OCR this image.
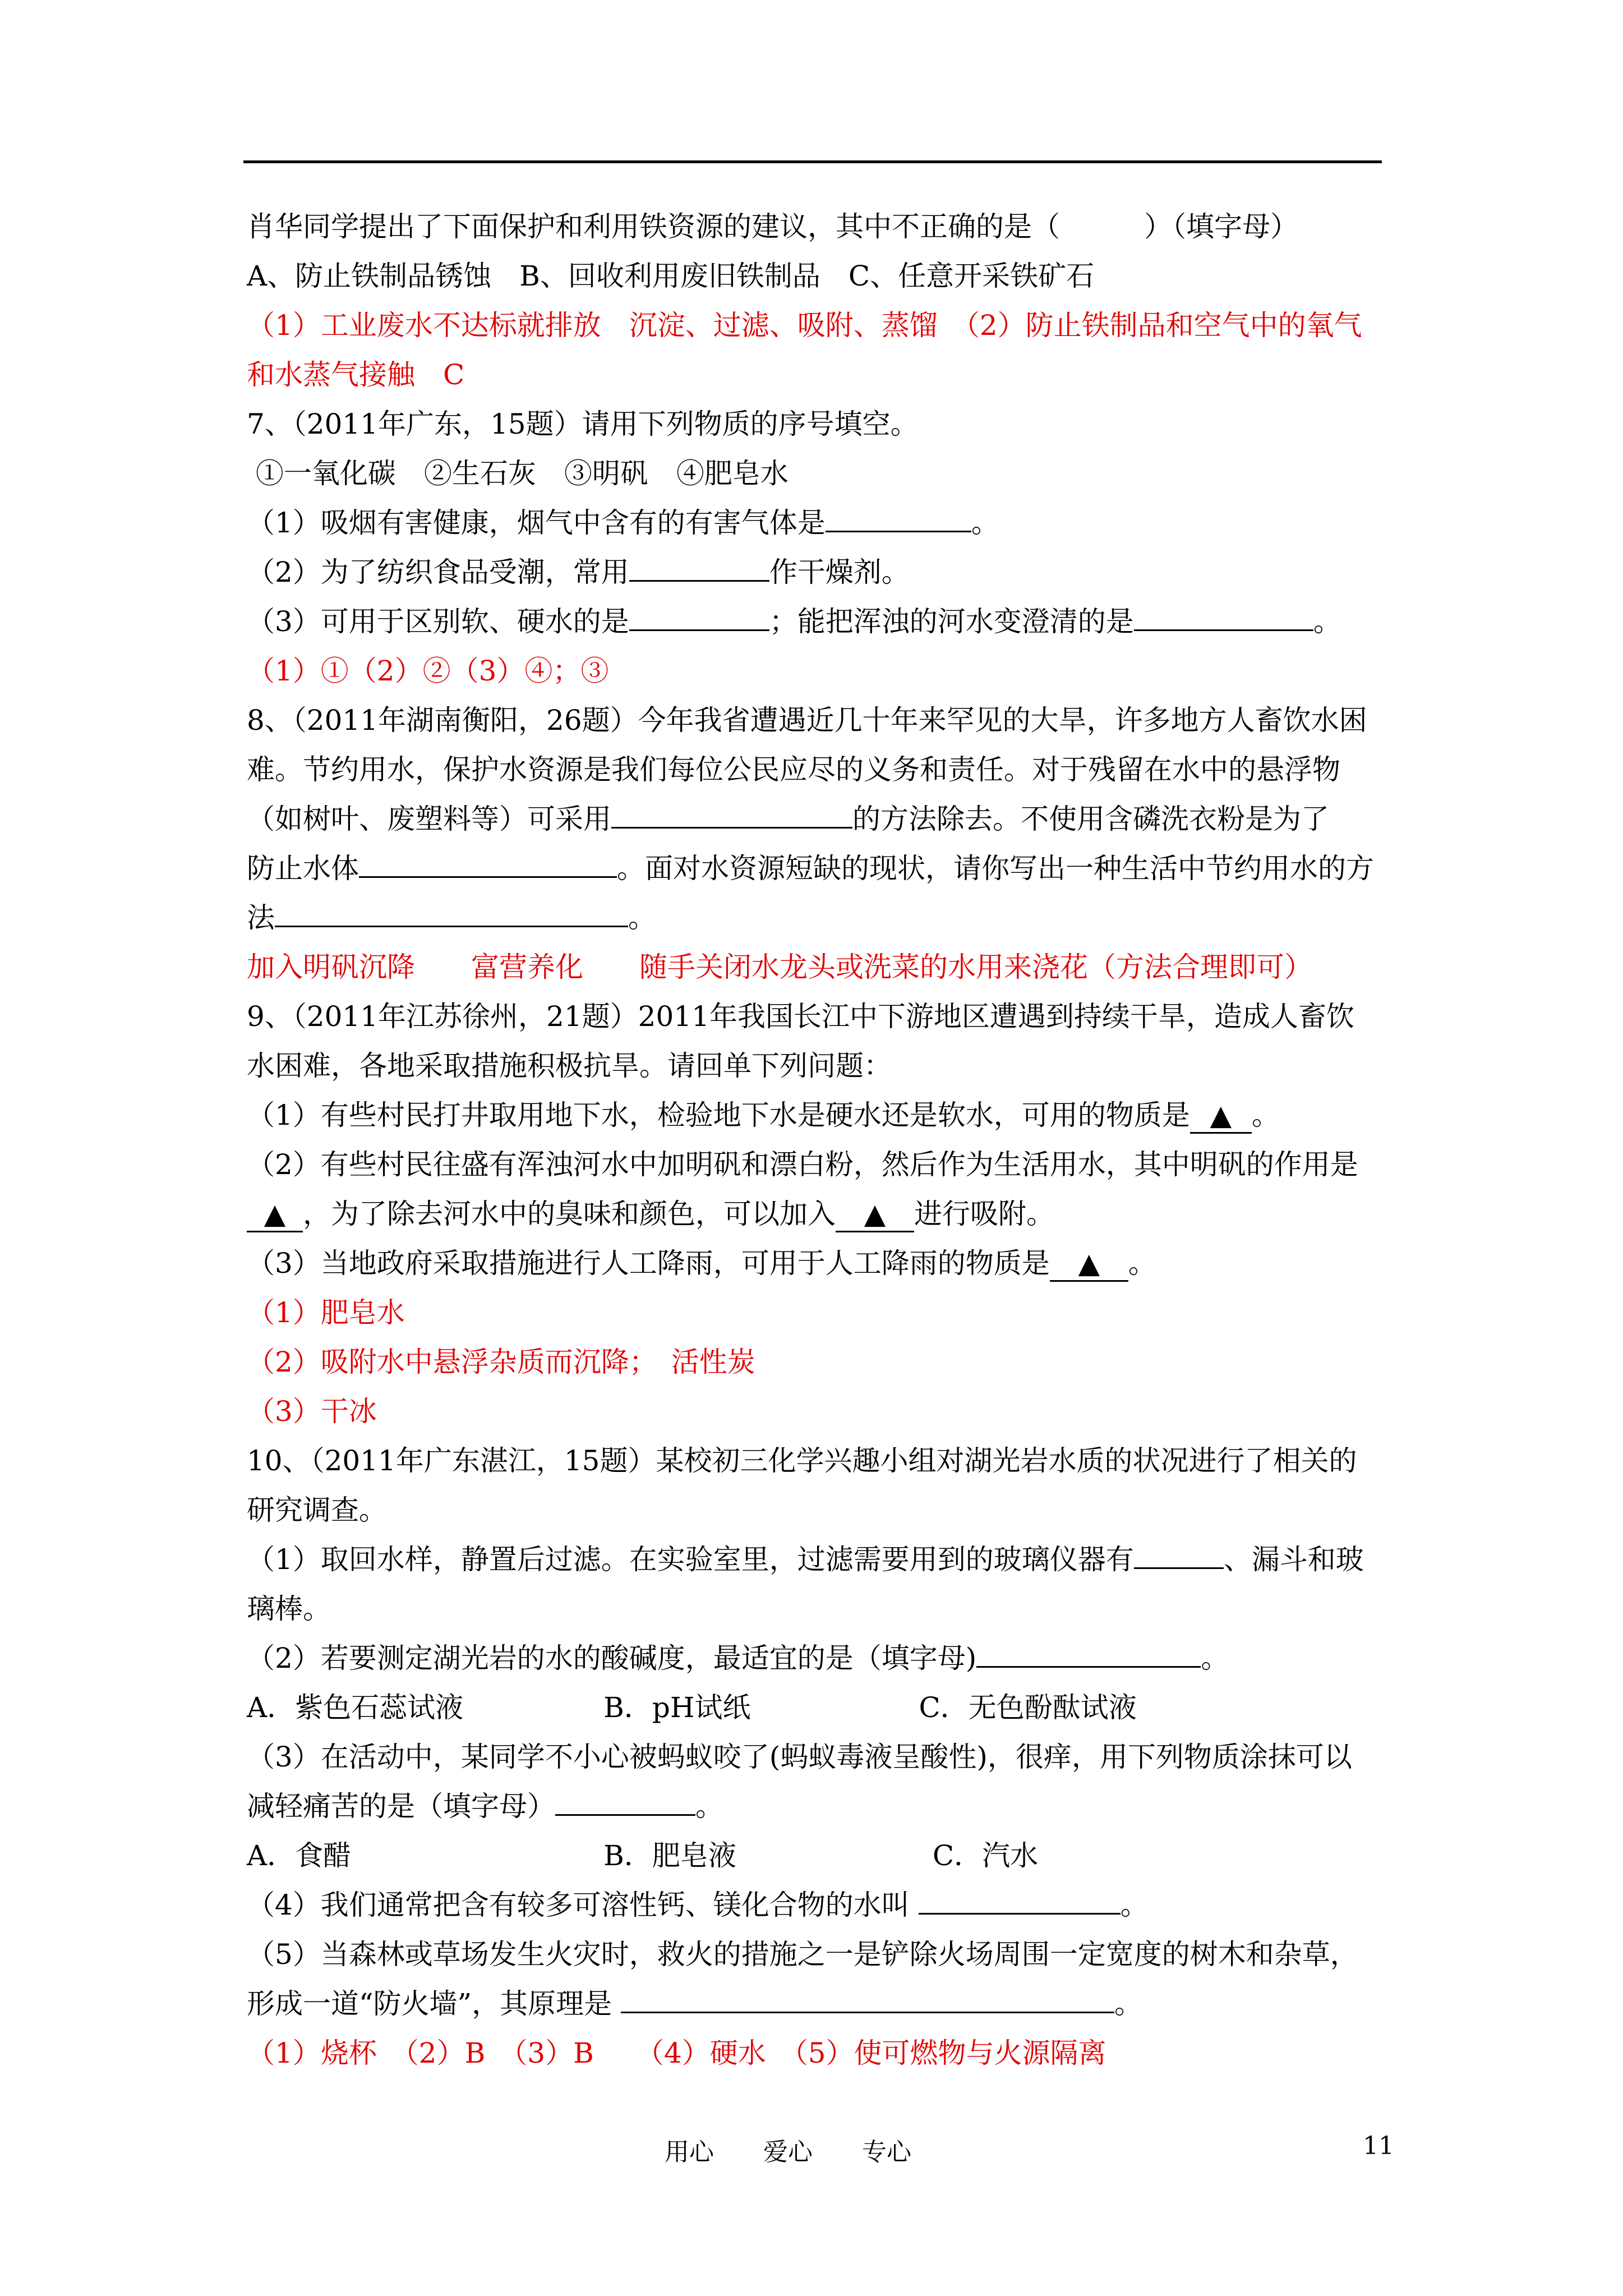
肖华同学提出了下面保护和利用铁资源的建议，其中不正确的是（　　　）（填字母）
A、防止铁制品锈蚀　B、回收利用废旧铁制品　C、任意开采铁矿石
（1）工业废水不达标就排放　沉淀、过滤、吸附、蒸馏　（2）防止铁制品和空气中的氧气
和水蒸气接触　C
7、（2011年广东，15题）请用下列物质的序号填空。
①一氧化碳　②生石灰　③明矾　④肥皂水
（1）吸烟有害健康，烟气中含有的有害气体是	。
（2）为了纺织食品受潮，常用	作干燥剂。
（3）可用于区别软、硬水的是	；能把浑浊的河水变澄清的是	。
（1）①（2）②（3）④；③
8、（2011年湖南衡阳，26题）今年我省遭遇近几十年来罕见的大旱，许多地方人畜饮水困
难。节约用水，保护水资源是我们每位公民应尽的义务和责任。对于残留在水中的悬浮物
（如树叶、废塑料等）可采用	的方法除去。不使用含磷洗衣粉是为了
防止水体	。面对水资源短缺的现状，请你写出一种生活中节约用水的方
法	。
加入明矾沉降　　富营养化　　随手关闭水龙头或洗菜的水用来浇花（方法合理即可）
9、（2011年江苏徐州，21题）2011年我国长江中下游地区遭遇到持续干旱，造成人畜饮
水困难，各地采取措施积极抗旱。请回单下列问题：
（1）有些村民打井取用地下水，检验地下水是硬水还是软水，可用的物质是 ▲ 。
（2）有些村民往盛有浑浊河水中加明矾和漂白粉，然后作为生活用水，其中明矾的作用是
▲ ，为了除去河水中的臭味和颜色，可以加入 ▲ 进行吸附。
（3）当地政府采取措施进行人工降雨，可用于人工降雨的物质是 ▲ 。
（1）肥皂水
（2）吸附水中悬浮杂质而沉降；　活性炭
（3）干冰
10、（2011年广东湛江，15题）某校初三化学兴趣小组对湖光岩水质的状况进行了相关的
研究调查。
（1）取回水样，静置后过滤。在实验室里，过滤需要用到的玻璃仪器有	、漏斗和玻
璃棒。
（2）若要测定湖光岩的水的酸碱度，最适宜的是（填字母)	。
A．紫色石蕊试液　　　　　B．pH试纸　　　　　　C．无色酚酞试液
（3）在活动中，某同学不小心被蚂蚁咬了(蚂蚁毒液呈酸性)，很痒，用下列物质涂抹可以
减轻痛苦的是（填字母）	。
A．食醋　　　　　　　　　B．肥皂液　　　　　　　C．汽水
（4）我们通常把含有较多可溶性钙、镁化合物的水叫	。
（5）当森林或草场发生火灾时，救火的措施之一是铲除火场周围一定宽度的树木和杂草，
形成一道“防火墙”，其原理是	。
（1）烧杯　（2）B　（3）B　　（4）硬水　（5）使可燃物与火源隔离
用心　　爱心　　专心	11
